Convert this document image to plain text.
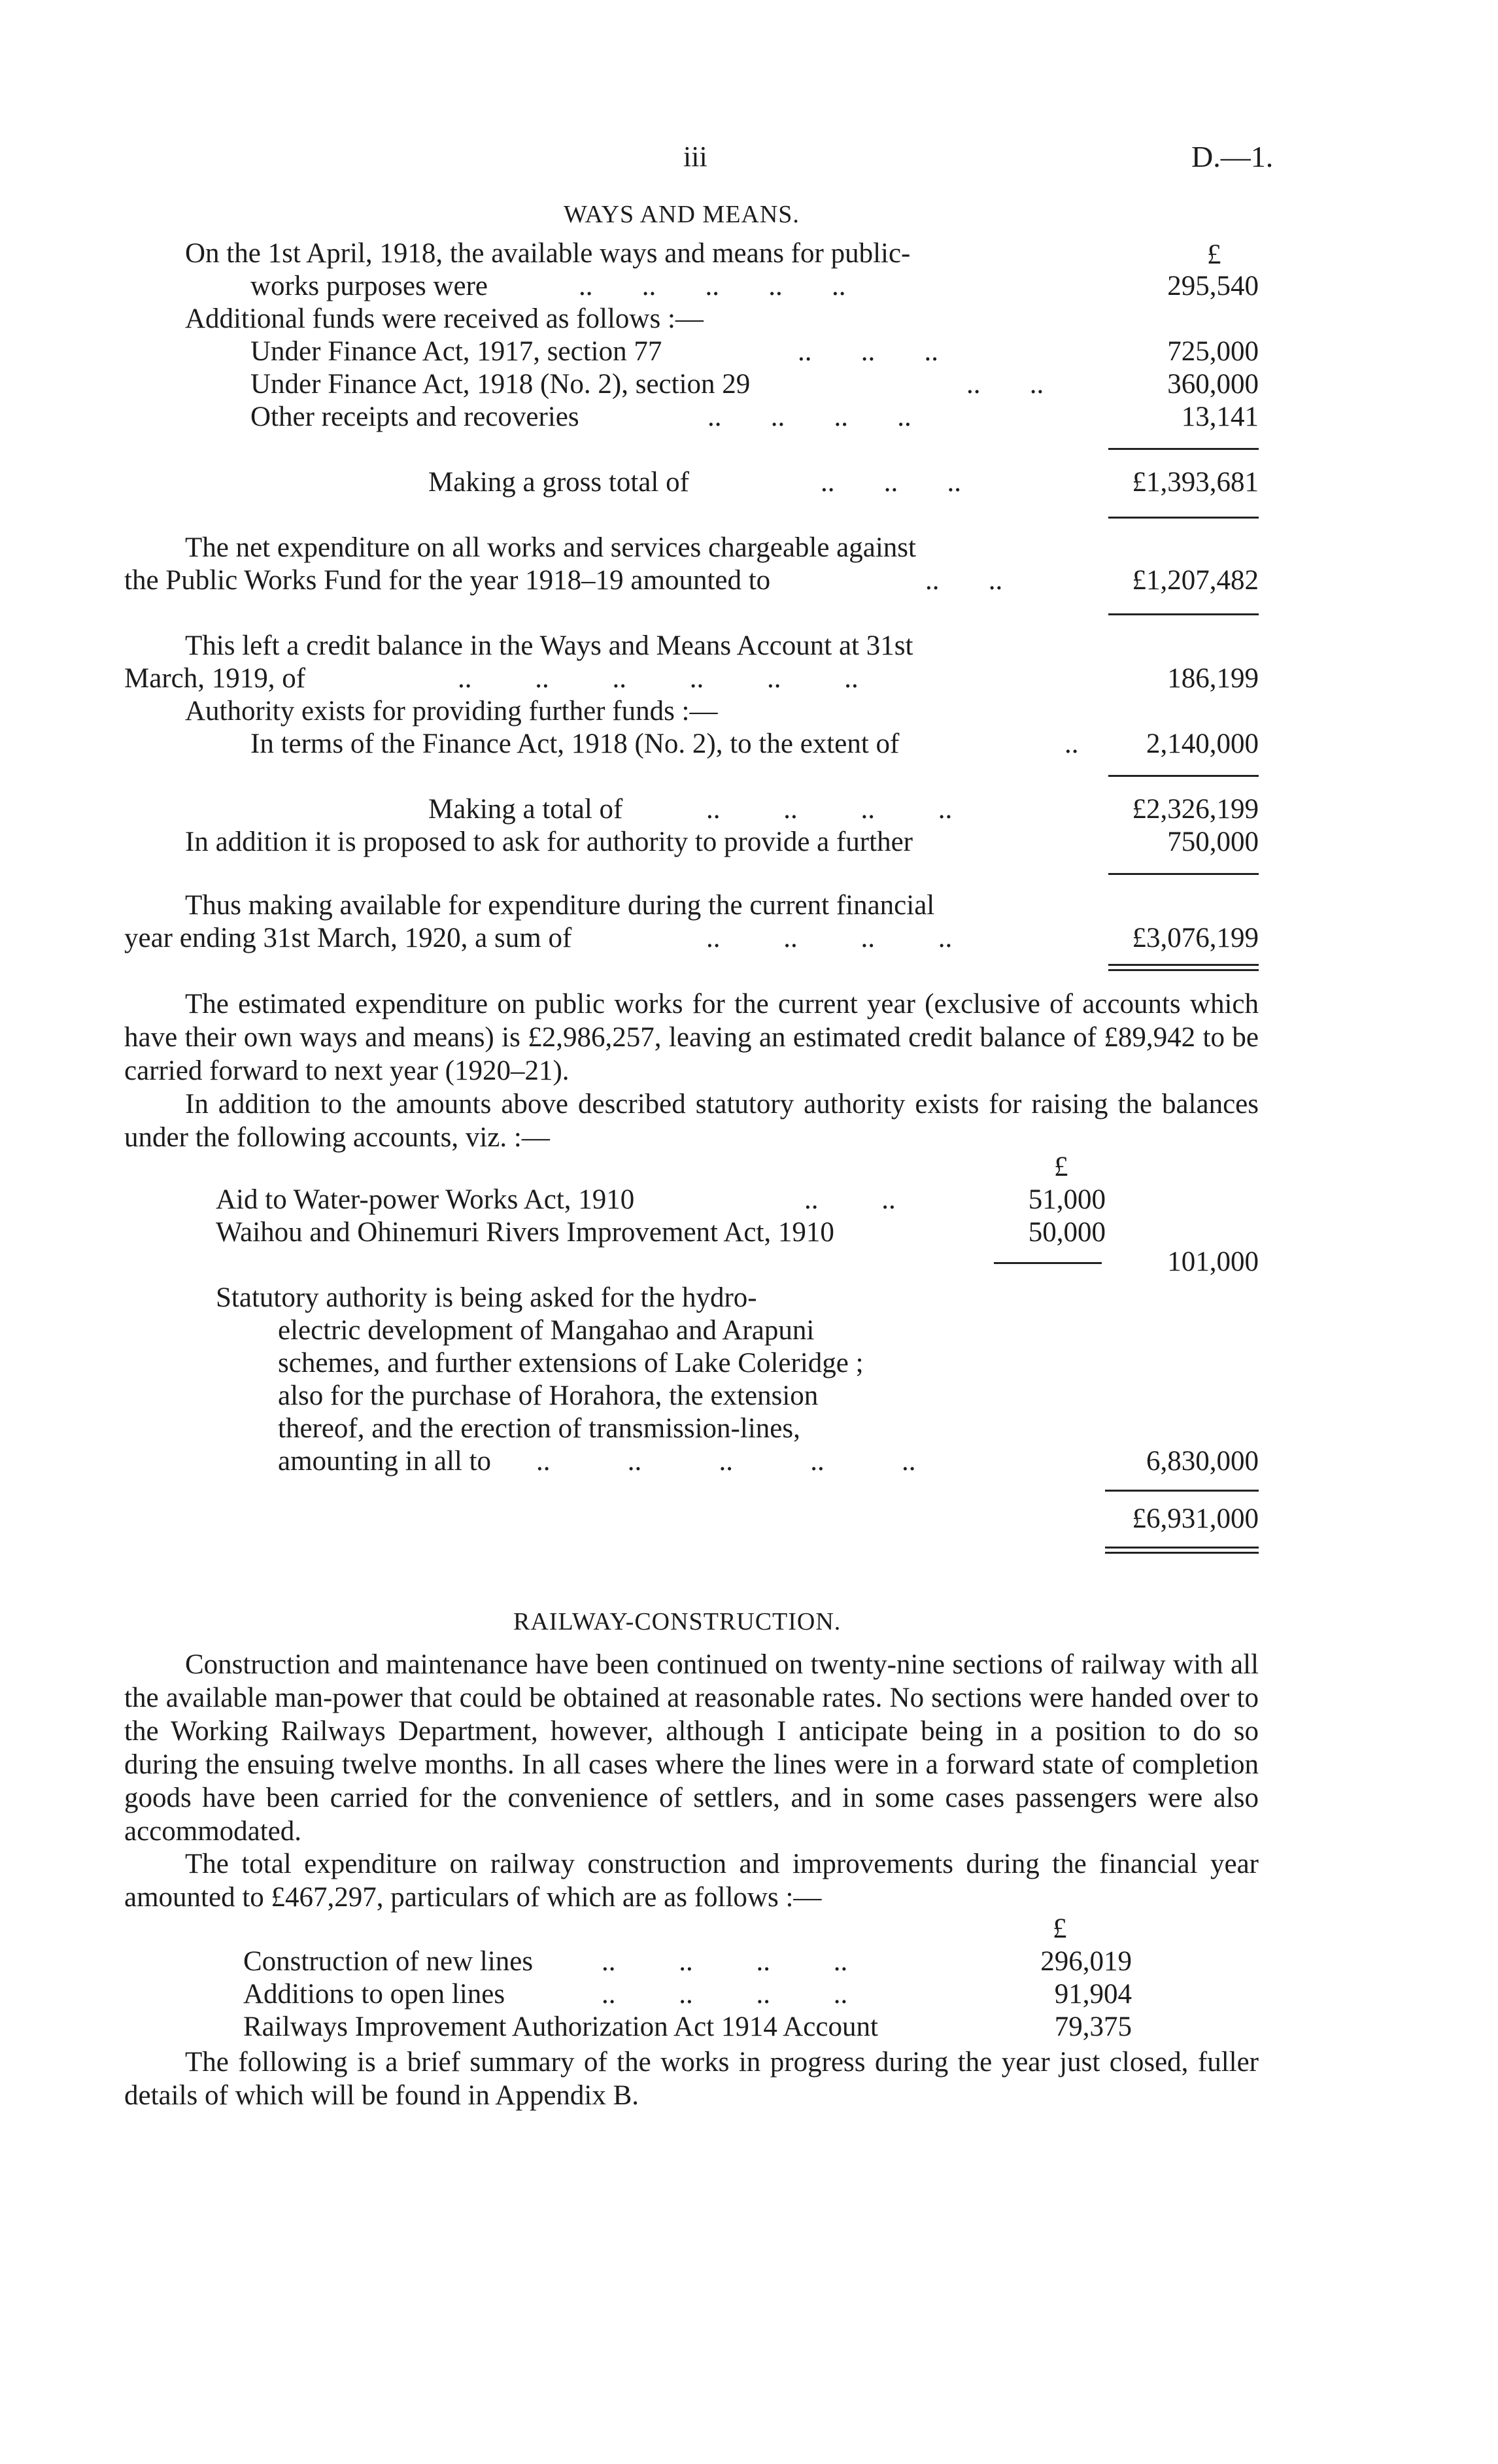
iii	D.—1.
WAYS AND MEANS.
£
On the 1st April, 1918, the available ways and means for public-
works purposes were	..       ..       ..       ..       ..	295,540
Additional funds were received as follows :—
Under Finance Act, 1917, section 77	..       ..       ..	725,000
Under Finance Act, 1918 (No. 2), section 29	..       ..	360,000
Other receipts and recoveries	..       ..       ..       ..	13,141
Making a gross total of	..       ..       ..	£1,393,681
The net expenditure on all works and services chargeable against
the Public Works Fund for the year 1918–19 amounted to	..       ..	£1,207,482
This left a credit balance in the Ways and Means Account at 31st
March, 1919, of	..         ..         ..         ..         ..         ..	186,199
Authority exists for providing further funds :—
In terms of the Finance Act, 1918 (No. 2), to the extent of	.. 2,140,000
Making a total of	..         ..         ..         ..	£2,326,199
In addition it is proposed to ask for authority to provide a further	750,000
Thus making available for expenditure during the current financial
year ending 31st March, 1920, a sum of	..         ..         ..         ..	£3,076,199
The estimated expenditure on public works for the current year (exclusive of accounts which have their own ways and means) is £2,986,257, leaving an estimated credit balance of £89,942 to be carried forward to next year (1920–21).
In addition to the amounts above described statutory authority exists for raising the balances under the following accounts, viz. :—
£
Aid to Water-power Works Act, 1910	..         ..	51,000
Waihou and Ohinemuri Rivers Improvement Act, 1910	50,000
101,000
Statutory authority is being asked for the hydro-
electric development of Mangahao and Arapuni
schemes, and further extensions of Lake Coleridge ;
also for the purchase of Horahora, the extension
thereof, and the erection of transmission-lines,
amounting in all to ..           ..           ..           ..           ..	6,830,000
£6,931,000
RAILWAY-CONSTRUCTION.
Construction and maintenance have been continued on twenty-nine sections of railway with all the available man-power that could be obtained at reasonable rates. No sections were handed over to the Working Railways Department, however, although I anticipate being in a position to do so during the ensuing twelve months. In all cases where the lines were in a forward state of completion goods have been carried for the convenience of settlers, and in some cases passengers were also accommodated.
The total expenditure on railway construction and improvements during the financial year amounted to £467,297, particulars of which are as follows :—
£
Construction of new lines ..         ..         ..         ..	296,019
Additions to open lines	..         ..         ..         ..	91,904
Railways Improvement Authorization Act 1914 Account	79,375
The following is a brief summary of the works in progress during the year just closed, fuller details of which will be found in Appendix B.
